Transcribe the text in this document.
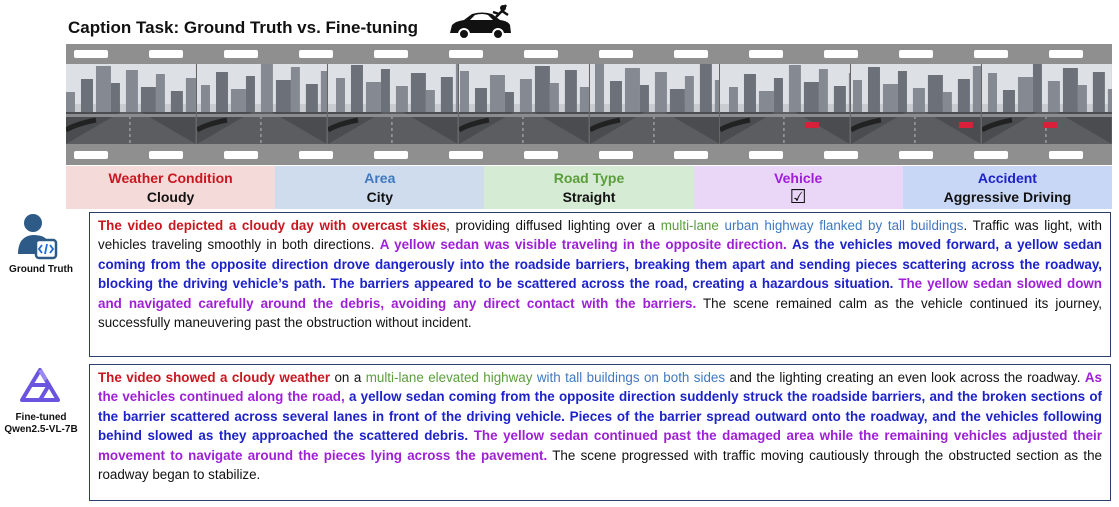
Caption Task: Ground Truth vs. Fine-tuning
Weather Condition
Cloudy
Area
City
Road Type
Straight
Vehicle
☑
Accident
Aggressive Driving
Ground Truth
The video depicted a cloudy day with overcast skies, providing diffused lighting over a multi-lane urban highway flanked by tall buildings. Traffic was light, with vehicles traveling smoothly in both directions. A yellow sedan was visible traveling in the opposite direction. As the vehicles moved forward, a yellow sedan coming from the opposite direction drove dangerously into the roadside barriers, breaking them apart and sending pieces scattering across the roadway, blocking the driving vehicle’s path. The barriers appeared to be scattered across the road, creating a hazardous situation. The yellow sedan slowed down and navigated carefully around the debris, avoiding any direct contact with the barriers. The scene remained calm as the vehicle continued its journey, successfully maneuvering past the obstruction without incident.
Fine-tuned
Qwen2.5-VL-7B
The video showed a cloudy weather on a multi-lane elevated highway with tall buildings on both sides and the lighting creating an even look across the roadway. As the vehicles continued along the road, a yellow sedan coming from the opposite direction suddenly struck the roadside barriers, and the broken sections of the barrier scattered across several lanes in front of the driving vehicle. Pieces of the barrier spread outward onto the roadway, and the vehicles following behind slowed as they approached the scattered debris. The yellow sedan continued past the damaged area while the remaining vehicles adjusted their movement to navigate around the pieces lying across the pavement. The scene progressed with traffic moving cautiously through the obstructed section as the roadway began to stabilize.
